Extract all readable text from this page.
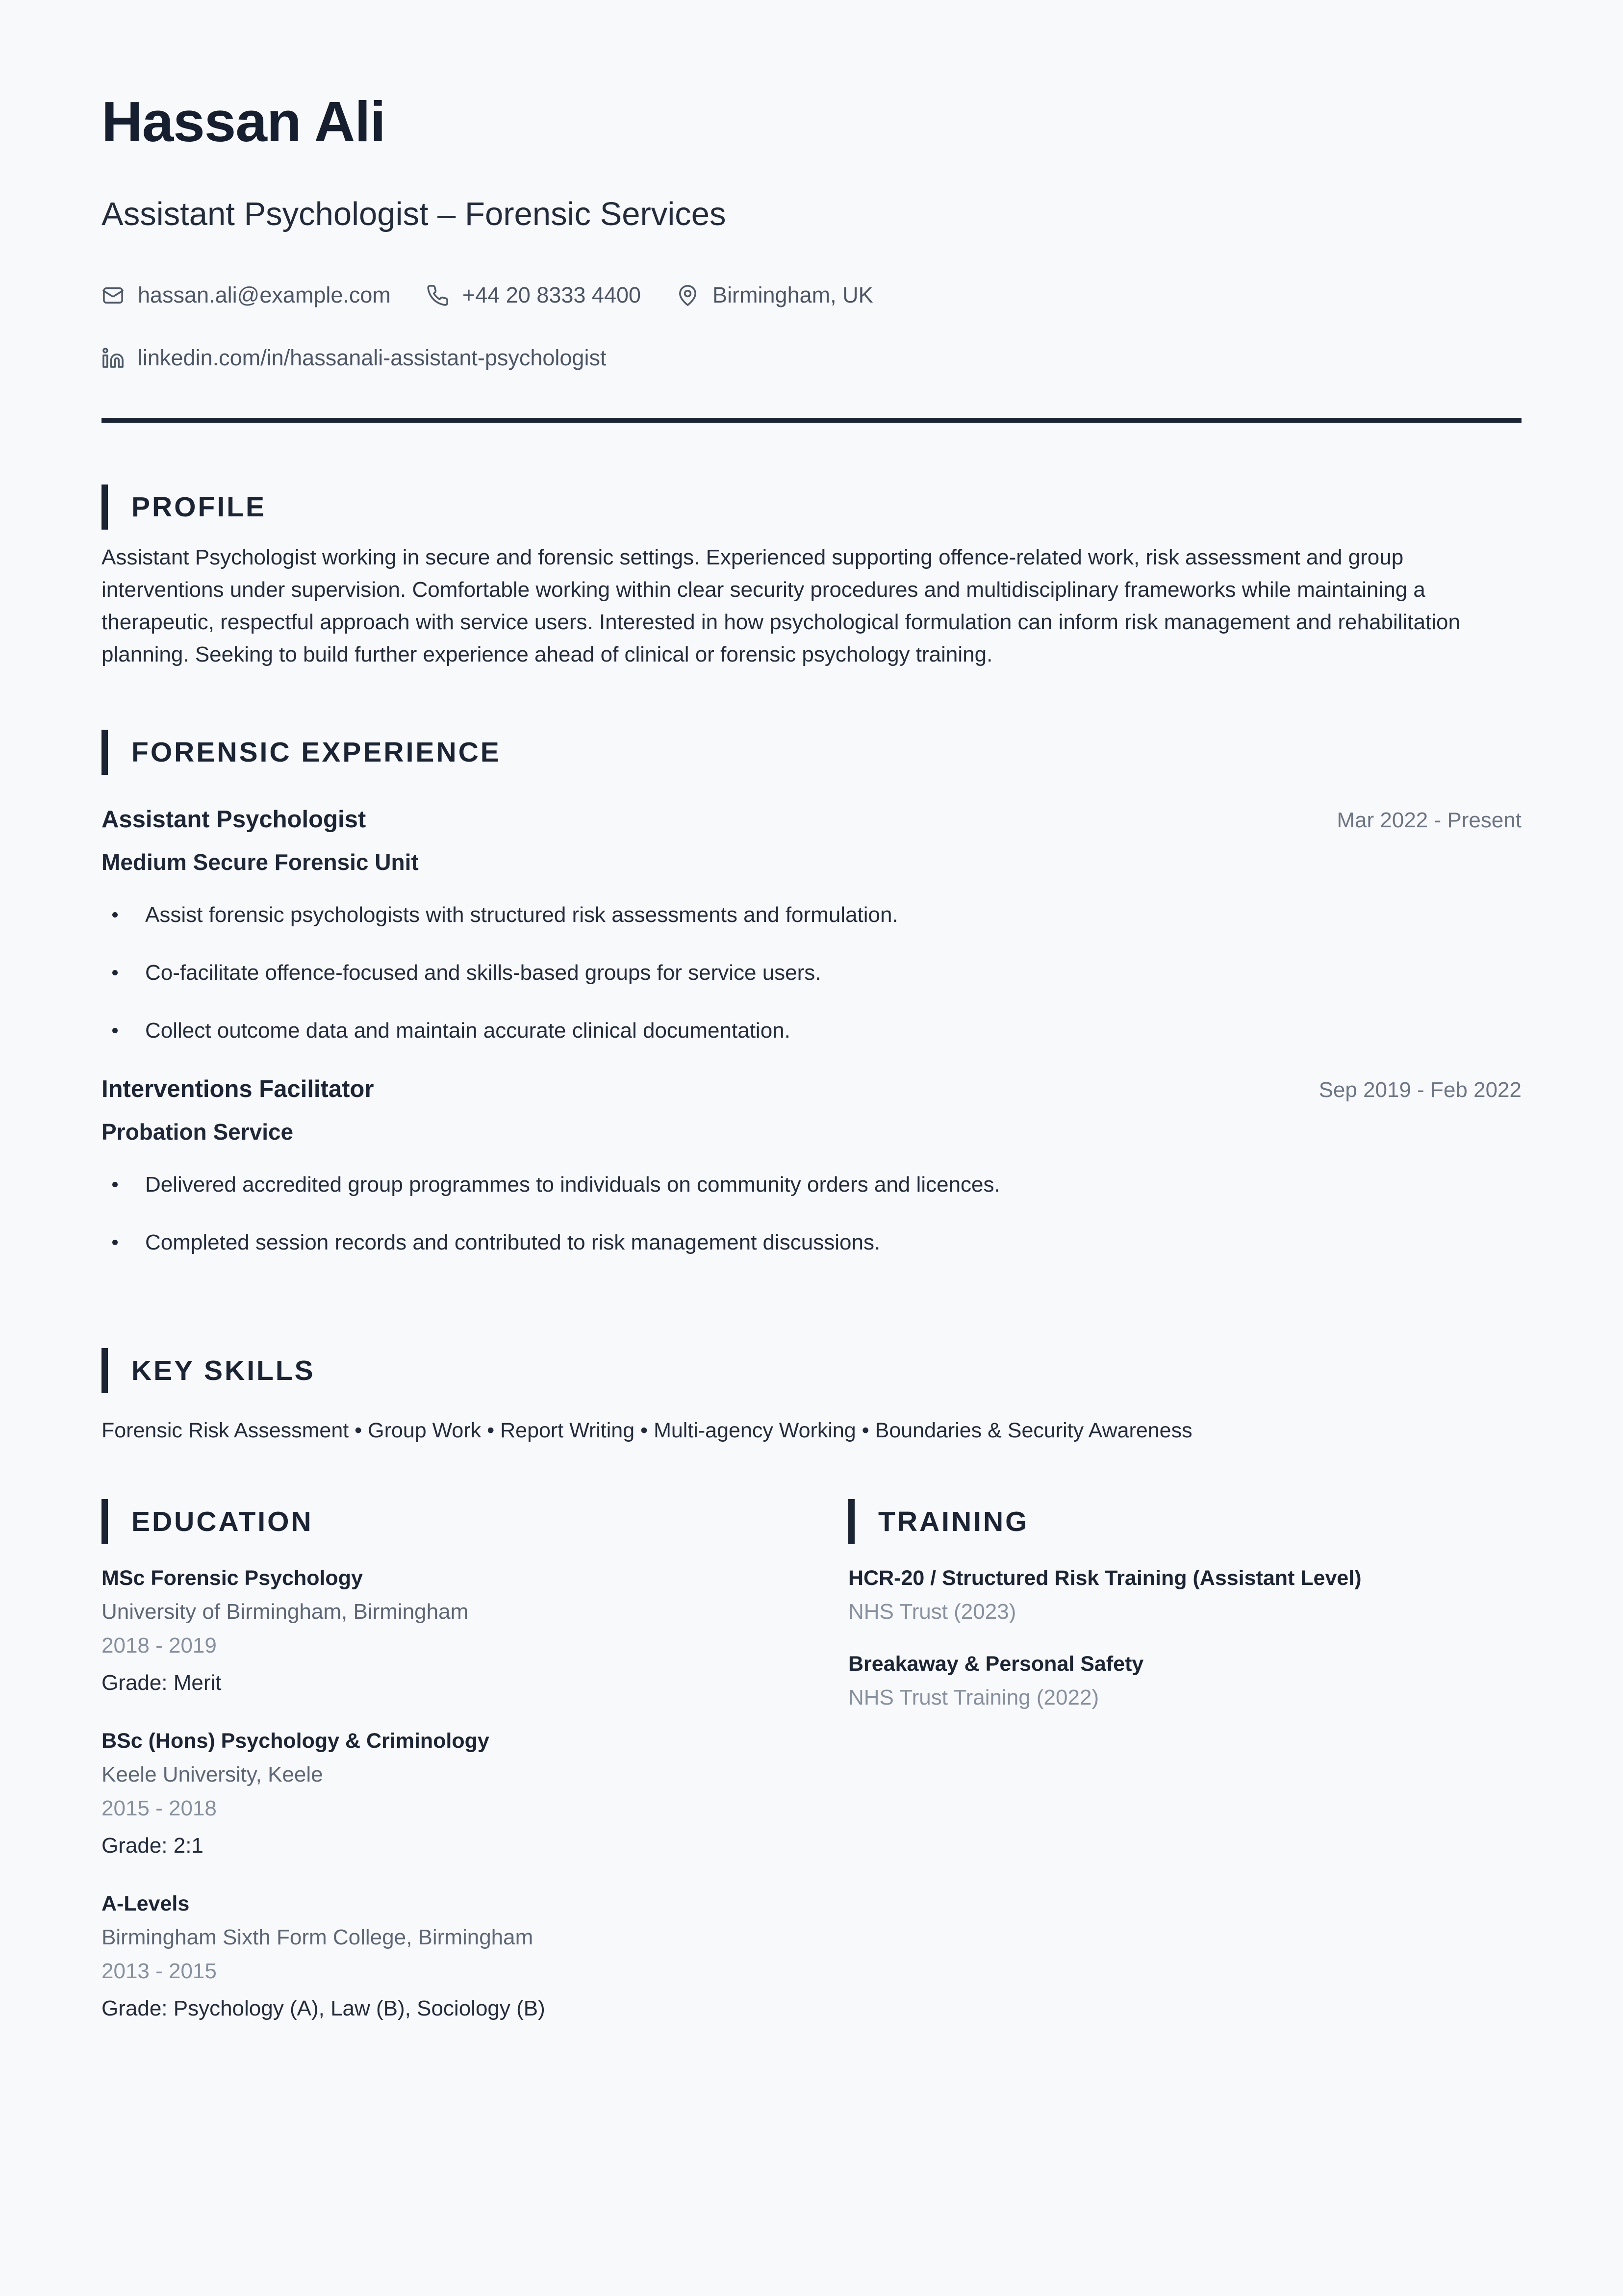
Hassan Ali
Assistant Psychologist – Forensic Services
hassan.ali@example.com	+44 20 8333 4400	Birmingham, UK
linkedin.com/in/hassanali-assistant-psychologist
PROFILE

Assistant Psychologist working in secure and forensic settings. Experienced supporting offence-related work, risk assessment and group interventions under supervision. Comfortable working within clear security procedures and multidisciplinary frameworks while maintaining a therapeutic, respectful approach with service users. Interested in how psychological formulation can inform risk management and rehabilitation planning. Seeking to build further experience ahead of clinical or forensic psychology training.

FORENSIC EXPERIENCE
Assistant Psychologist	Mar 2022 - Present
Medium Secure Forensic Unit
Assist forensic psychologists with structured risk assessments and formulation.
Co-facilitate offence-focused and skills-based groups for service users.
Collect outcome data and maintain accurate clinical documentation.
Interventions Facilitator	Sep 2019 - Feb 2022
Probation Service
Delivered accredited group programmes to individuals on community orders and licences.
Completed session records and contributed to risk management discussions.
KEY SKILLS

Forensic Risk Assessment • Group Work • Report Writing • Multi-agency Working • Boundaries & Security Awareness

EDUCATION
MSc Forensic Psychology
University of Birmingham, Birmingham
2018 - 2019
Grade: Merit
BSc (Hons) Psychology & Criminology
Keele University, Keele
2015 - 2018
Grade: 2:1
A-Levels
Birmingham Sixth Form College, Birmingham
2013 - 2015
Grade: Psychology (A), Law (B), Sociology (B)
TRAINING
HCR-20 / Structured Risk Training (Assistant Level)
NHS Trust (2023)
Breakaway & Personal Safety
NHS Trust Training (2022)
